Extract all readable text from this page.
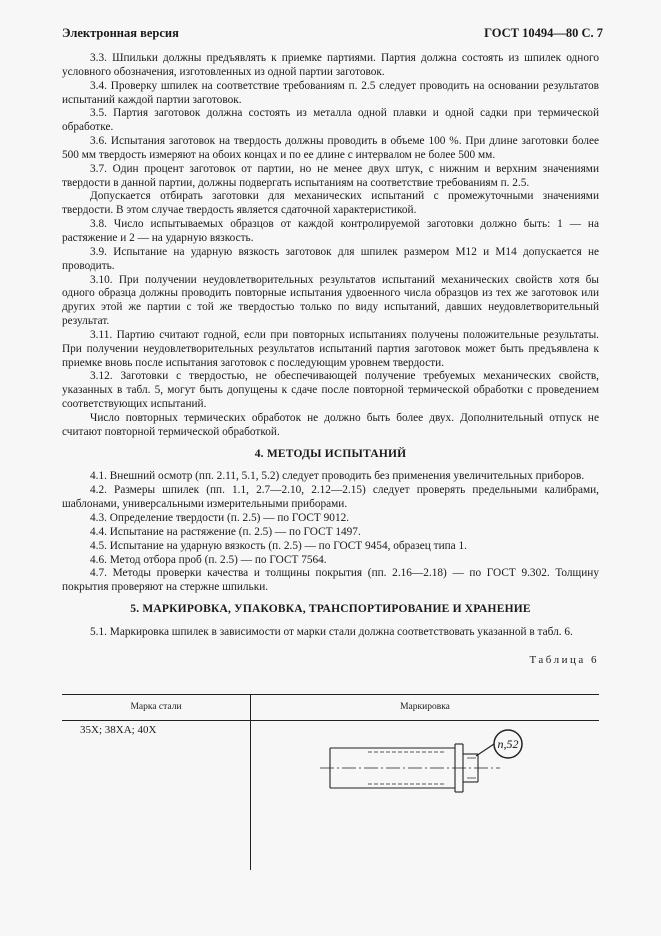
Электронная версия	ГОСТ 10494—80 С. 7

3.3. Шпильки должны предъявлять к приемке партиями. Партия должна состоять из шпилек одного условного обозначения, изготовленных из одной партии заготовок.

3.4. Проверку шпилек на соответствие требованиям п. 2.5 следует проводить на основании результатов испытаний каждой партии заготовок.

3.5. Партия заготовок должна состоять из металла одной плавки и одной садки при термической обработке.

3.6. Испытания заготовок на твердость должны проводить в объеме 100 %. При длине заготовки более 500 мм твердость измеряют на обоих концах и по ее длине с интервалом не более 500 мм.

3.7. Один процент заготовок от партии, но не менее двух штук, с нижним и верхним значениями твердости в данной партии, должны подвергать испытаниям на соответствие требованиям п. 2.5.

Допускается отбирать заготовки для механических испытаний с промежуточными значениями твердости. В этом случае твердость является сдаточной характеристикой.

3.8. Число испытываемых образцов от каждой контролируемой заготовки должно быть: 1 — на растяжение и 2 — на ударную вязкость.

3.9. Испытание на ударную вязкость заготовок для шпилек размером М12 и М14 допускается не проводить.

3.10. При получении неудовлетворительных результатов испытаний механических свойств хотя бы одного образца должны проводить повторные испытания удвоенного числа образцов из тех же заготовок или других этой же партии с той же твердостью только по виду испытаний, давших неудовлетворительный результат.

3.11. Партию считают годной, если при повторных испытаниях получены положительные результаты. При получении неудовлетворительных результатов испытаний партия заготовок может быть предъявлена к приемке вновь после испытания заготовок с последующим уровнем твердости.

3.12. Заготовки с твердостью, не обеспечивающей получение требуемых механических свойств, указанных в табл. 5, могут быть допущены к сдаче после повторной термической обработки с проведением соответствующих испытаний.

Число повторных термических обработок не должно быть более двух. Дополнительный отпуск не считают повторной термической обработкой.

4. МЕТОДЫ ИСПЫТАНИЙ

4.1. Внешний осмотр (пп. 2.11, 5.1, 5.2) следует проводить без применения увеличительных приборов.

4.2. Размеры шпилек (пп. 1.1, 2.7—2.10, 2.12—2.15) следует проверять предельными калибрами, шаблонами, универсальными измерительными приборами.

4.3. Определение твердости (п. 2.5) — по ГОСТ 9012.

4.4. Испытание на растяжение (п. 2.5) — по ГОСТ 1497.

4.5. Испытание на ударную вязкость (п. 2.5) — по ГОСТ 9454, образец типа 1.

4.6. Метод отбора проб (п. 2.5) — по ГОСТ 7564.

4.7. Методы проверки качества и толщины покрытия (пп. 2.16—2.18) — по ГОСТ 9.302. Толщину покрытия проверяют на стержне шпильки.

5. МАРКИРОВКА, УПАКОВКА, ТРАНСПОРТИРОВАНИЕ И ХРАНЕНИЕ

5.1. Маркировка шпилек в зависимости от марки стали должна соответствовать указанной в табл. 6.

Таблица 6
Марка стали	Маркировка
35Х; 38ХА; 40Х
n,52
